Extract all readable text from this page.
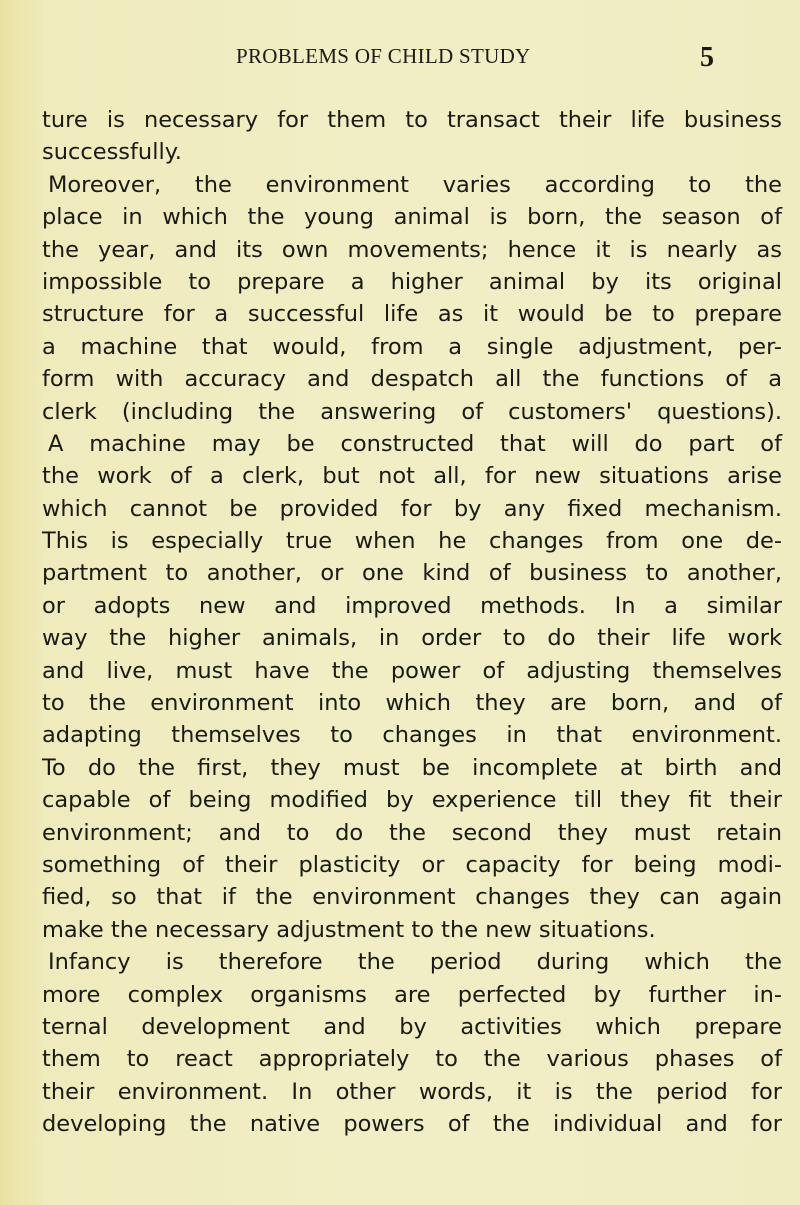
PROBLEMS OF CHILD STUDY	5
ture is necessary for them to transact their life business
successfully.
Moreover, the environment varies according to the
place in which the young animal is born, the season of
the year, and its own movements; hence it is nearly as
impossible to prepare a higher animal by its original
structure for a successful life as it would be to prepare
a machine that would, from a single adjustment, per-
form with accuracy and despatch all the functions of a
clerk (including the answering of customers' questions).
A machine may be constructed that will do part of
the work of a clerk, but not all, for new situations arise
which cannot be provided for by any fixed mechanism.
This is especially true when he changes from one de-
partment to another, or one kind of business to another,
or adopts new and improved methods. In a similar
way the higher animals, in order to do their life work
and live, must have the power of adjusting themselves
to the environment into which they are born, and of
adapting themselves to changes in that environment.
To do the first, they must be incomplete at birth and
capable of being modified by experience till they fit their
environment; and to do the second they must retain
something of their plasticity or capacity for being modi-
fied, so that if the environment changes they can again
make the necessary adjustment to the new situations.
Infancy is therefore the period during which the
more complex organisms are perfected by further in-
ternal development and by activities which prepare
them to react appropriately to the various phases of
their environment. In other words, it is the period for
developing the native powers of the individual and for
